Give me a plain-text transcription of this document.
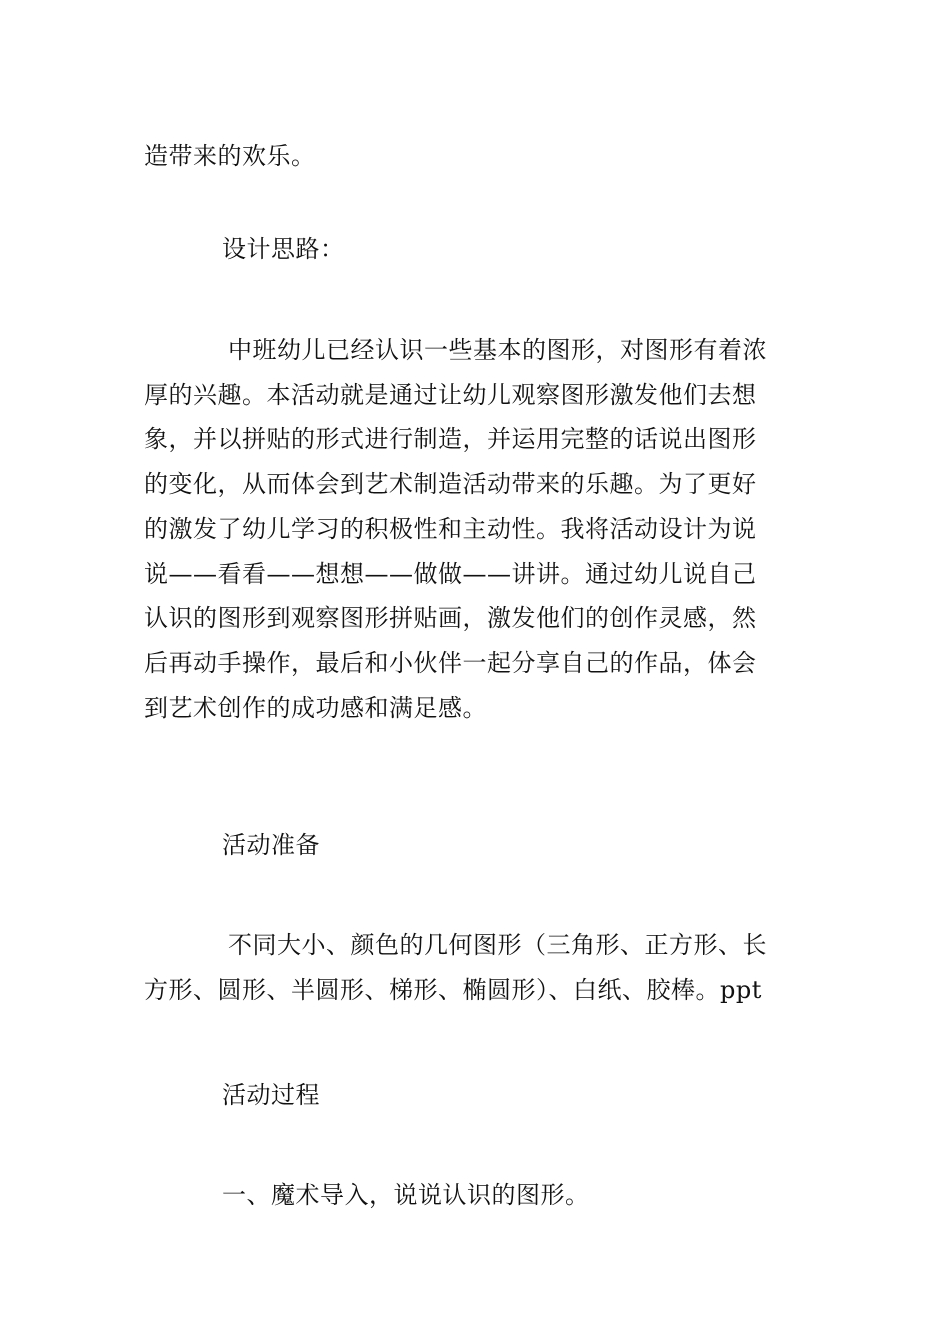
造带来的欢乐。

设计思路：

中班幼儿已经认识一些基本的图形，对图形有着浓
厚的兴趣。本活动就是通过让幼儿观察图形激发他们去想
象，并以拼贴的形式进行制造，并运用完整的话说出图形
的变化，从而体会到艺术制造活动带来的乐趣。为了更好
的激发了幼儿学习的积极性和主动性。我将活动设计为说
说——看看——想想——做做——讲讲。通过幼儿说自己
认识的图形到观察图形拼贴画，激发他们的创作灵感，然
后再动手操作，最后和小伙伴一起分享自己的作品，体会
到艺术创作的成功感和满足感。

活动准备

不同大小、颜色的几何图形（三角形、正方形、长
方形、圆形、半圆形、梯形、椭圆形）、白纸、胶棒。ppt

活动过程

一、魔术导入，说说认识的图形。
